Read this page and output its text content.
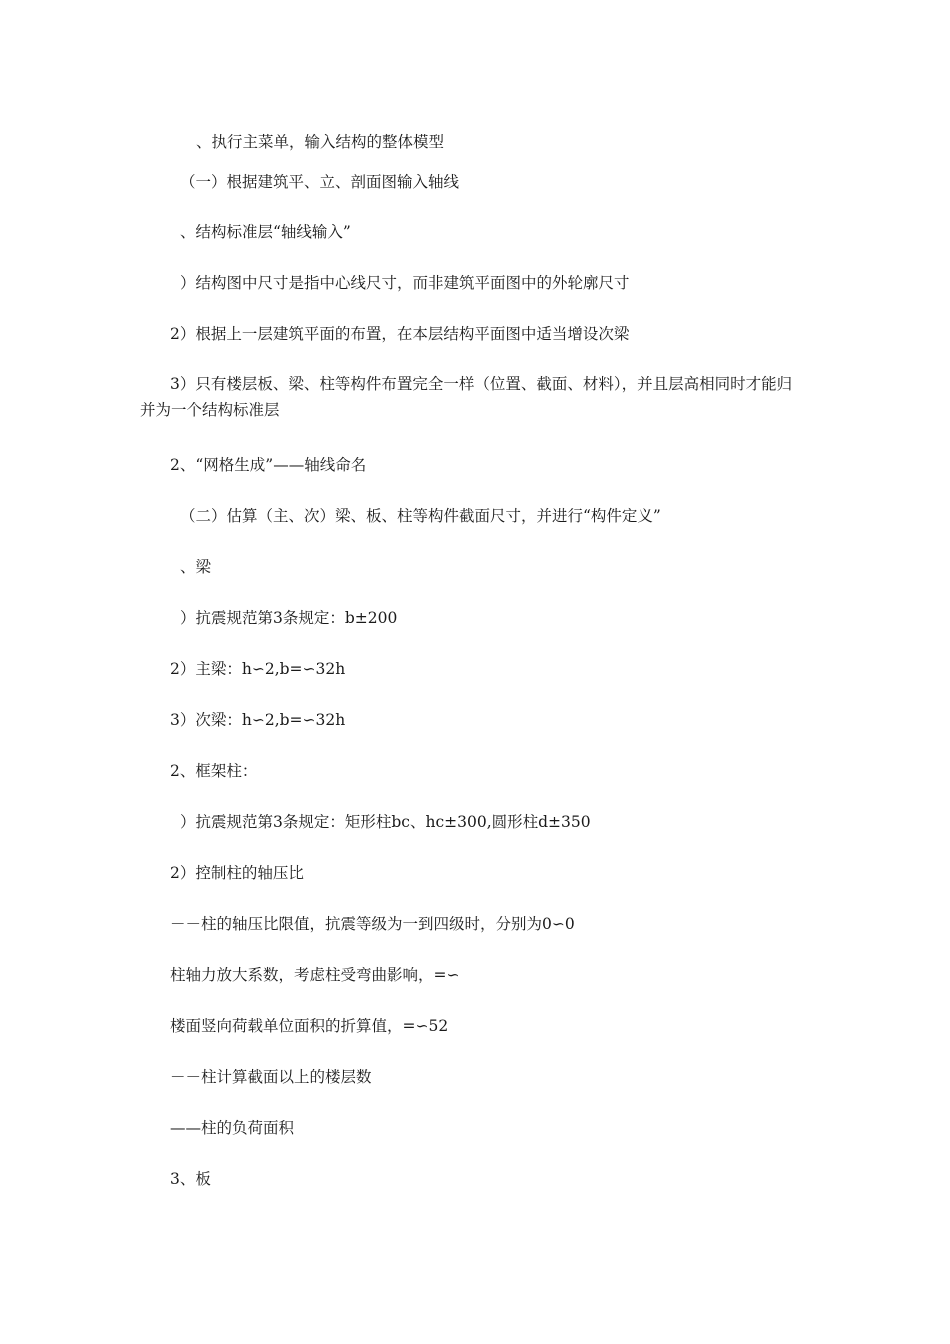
、执行主菜单，输入结构的整体模型

（一）根据建筑平、立、剖面图输入轴线

、结构标准层“轴线输入”

）结构图中尺寸是指中心线尺寸，而非建筑平面图中的外轮廓尺寸

2）根据上一层建筑平面的布置，在本层结构平面图中适当增设次梁

3）只有楼层板、梁、柱等构件布置完全一样（位置、截面、材料），并且层高相同时才能归并为一个结构标准层

2、“网格生成”——轴线命名

（二）估算（主、次）梁、板、柱等构件截面尺寸，并进行“构件定义”

、梁

）抗震规范第3条规定：b±200

2）主梁：h∽2,b=∽32h

3）次梁：h∽2,b=∽32h

2、框架柱：

）抗震规范第3条规定：矩形柱bc、hc±300,圆形柱d±350

2）控制柱的轴压比

－－柱的轴压比限值，抗震等级为一到四级时，分别为0∽0

柱轴力放大系数，考虑柱受弯曲影响，=∽

楼面竖向荷载单位面积的折算值，=∽52

－－柱计算截面以上的楼层数

——柱的负荷面积

3、板
